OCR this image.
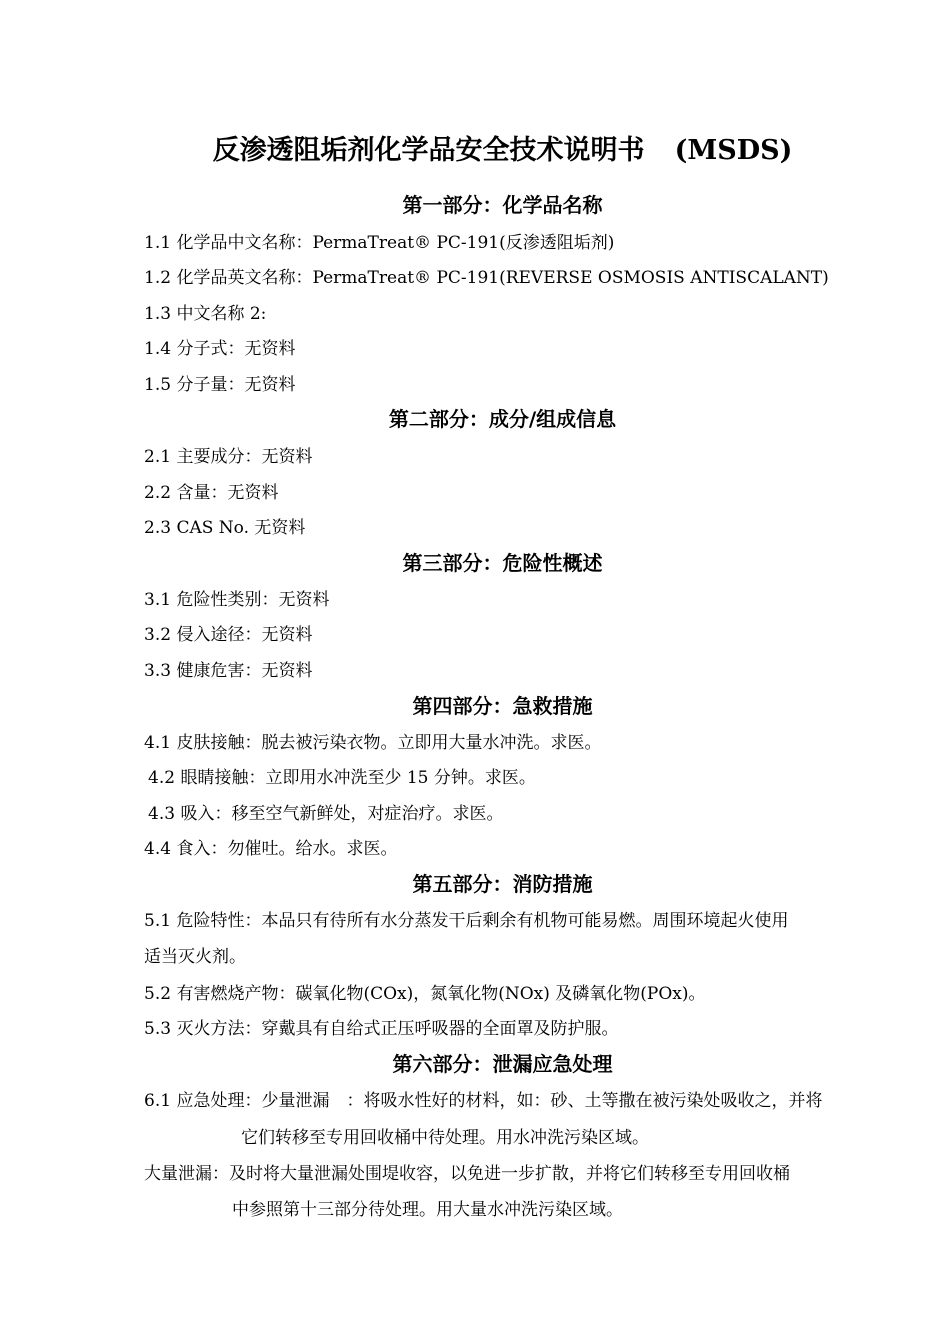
反渗透阻垢剂化学品安全技术说明书 (MSDS)
第一部分：化学品名称
1.1 化学品中文名称：PermaTreat® PC-191(反渗透阻垢剂)
1.2 化学品英文名称：PermaTreat® PC-191(REVERSE OSMOSIS ANTISCALANT)
1.3 中文名称 2:
1.4 分子式：无资料
1.5 分子量：无资料
第二部分：成分/组成信息
2.1 主要成分：无资料
2.2 含量：无资料
2.3 CAS No. 无资料
第三部分：危险性概述
3.1 危险性类别：无资料
3.2 侵入途径：无资料
3.3 健康危害：无资料
第四部分：急救措施
4.1 皮肤接触：脱去被污染衣物。立即用大量水冲洗。求医。
4.2 眼睛接触：立即用水冲洗至少 15 分钟。求医。
4.3 吸入：移至空气新鲜处，对症治疗。求医。
4.4 食入：勿催吐。给水。求医。
第五部分：消防措施
5.1 危险特性：本品只有待所有水分蒸发干后剩余有机物可能易燃。周围环境起火使用
适当灭火剂。
5.2 有害燃烧产物：碳氧化物(COx)，氮氧化物(NOx) 及磷氧化物(POx)。
5.3 灭火方法：穿戴具有自给式正压呼吸器的全面罩及防护服。
第六部分：泄漏应急处理
6.1 应急处理：少量泄漏　：将吸水性好的材料，如：砂、土等撒在被污染处吸收之，并将
它们转移至专用回收桶中待处理。用水冲洗污染区域。
大量泄漏：及时将大量泄漏处围堤收容，以免进一步扩散，并将它们转移至专用回收桶
中参照第十三部分待处理。用大量水冲洗污染区域。
